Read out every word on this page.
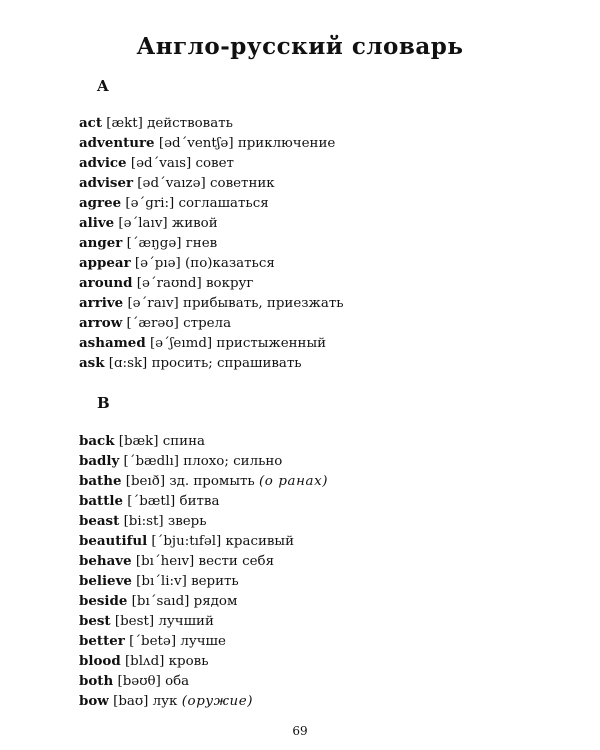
Англо-русский словарь
A
act [ækt] действовать
adventure [əd´ventʃə] приключение
advice [əd´vaıs] совет
adviser [əd´vaızə] советник
agree [ə´gri:] соглашаться
alive [ə´laıv] живой
anger [´æŋgə] гнев
appear [ə´pıə] (по)казаться
around [ə´raʊnd] вокруг
arrive [ə´raıv] прибывать, приезжать
arrow [´ærəʊ] стрела
ashamed [ə´ʃeımd] пристыженный
ask [ɑ:sk] просить; спрашивать
B
back [bæk] спина
badly [´bædlı] плохо; сильно
bathe [beıð] зд. промыть (о ранах)
battle [´bætl] битва
beast [bi:st] зверь
beautiful [´bju:tıfəl] красивый
behave [bı´heıv] вести себя
believe [bı´li:v] верить
beside [bı´saıd] рядом
best [best] лучший
better [´betə] лучше
blood [blʌd] кровь
both [bəʊθ] оба
bow [baʊ] лук (оружие)
69
